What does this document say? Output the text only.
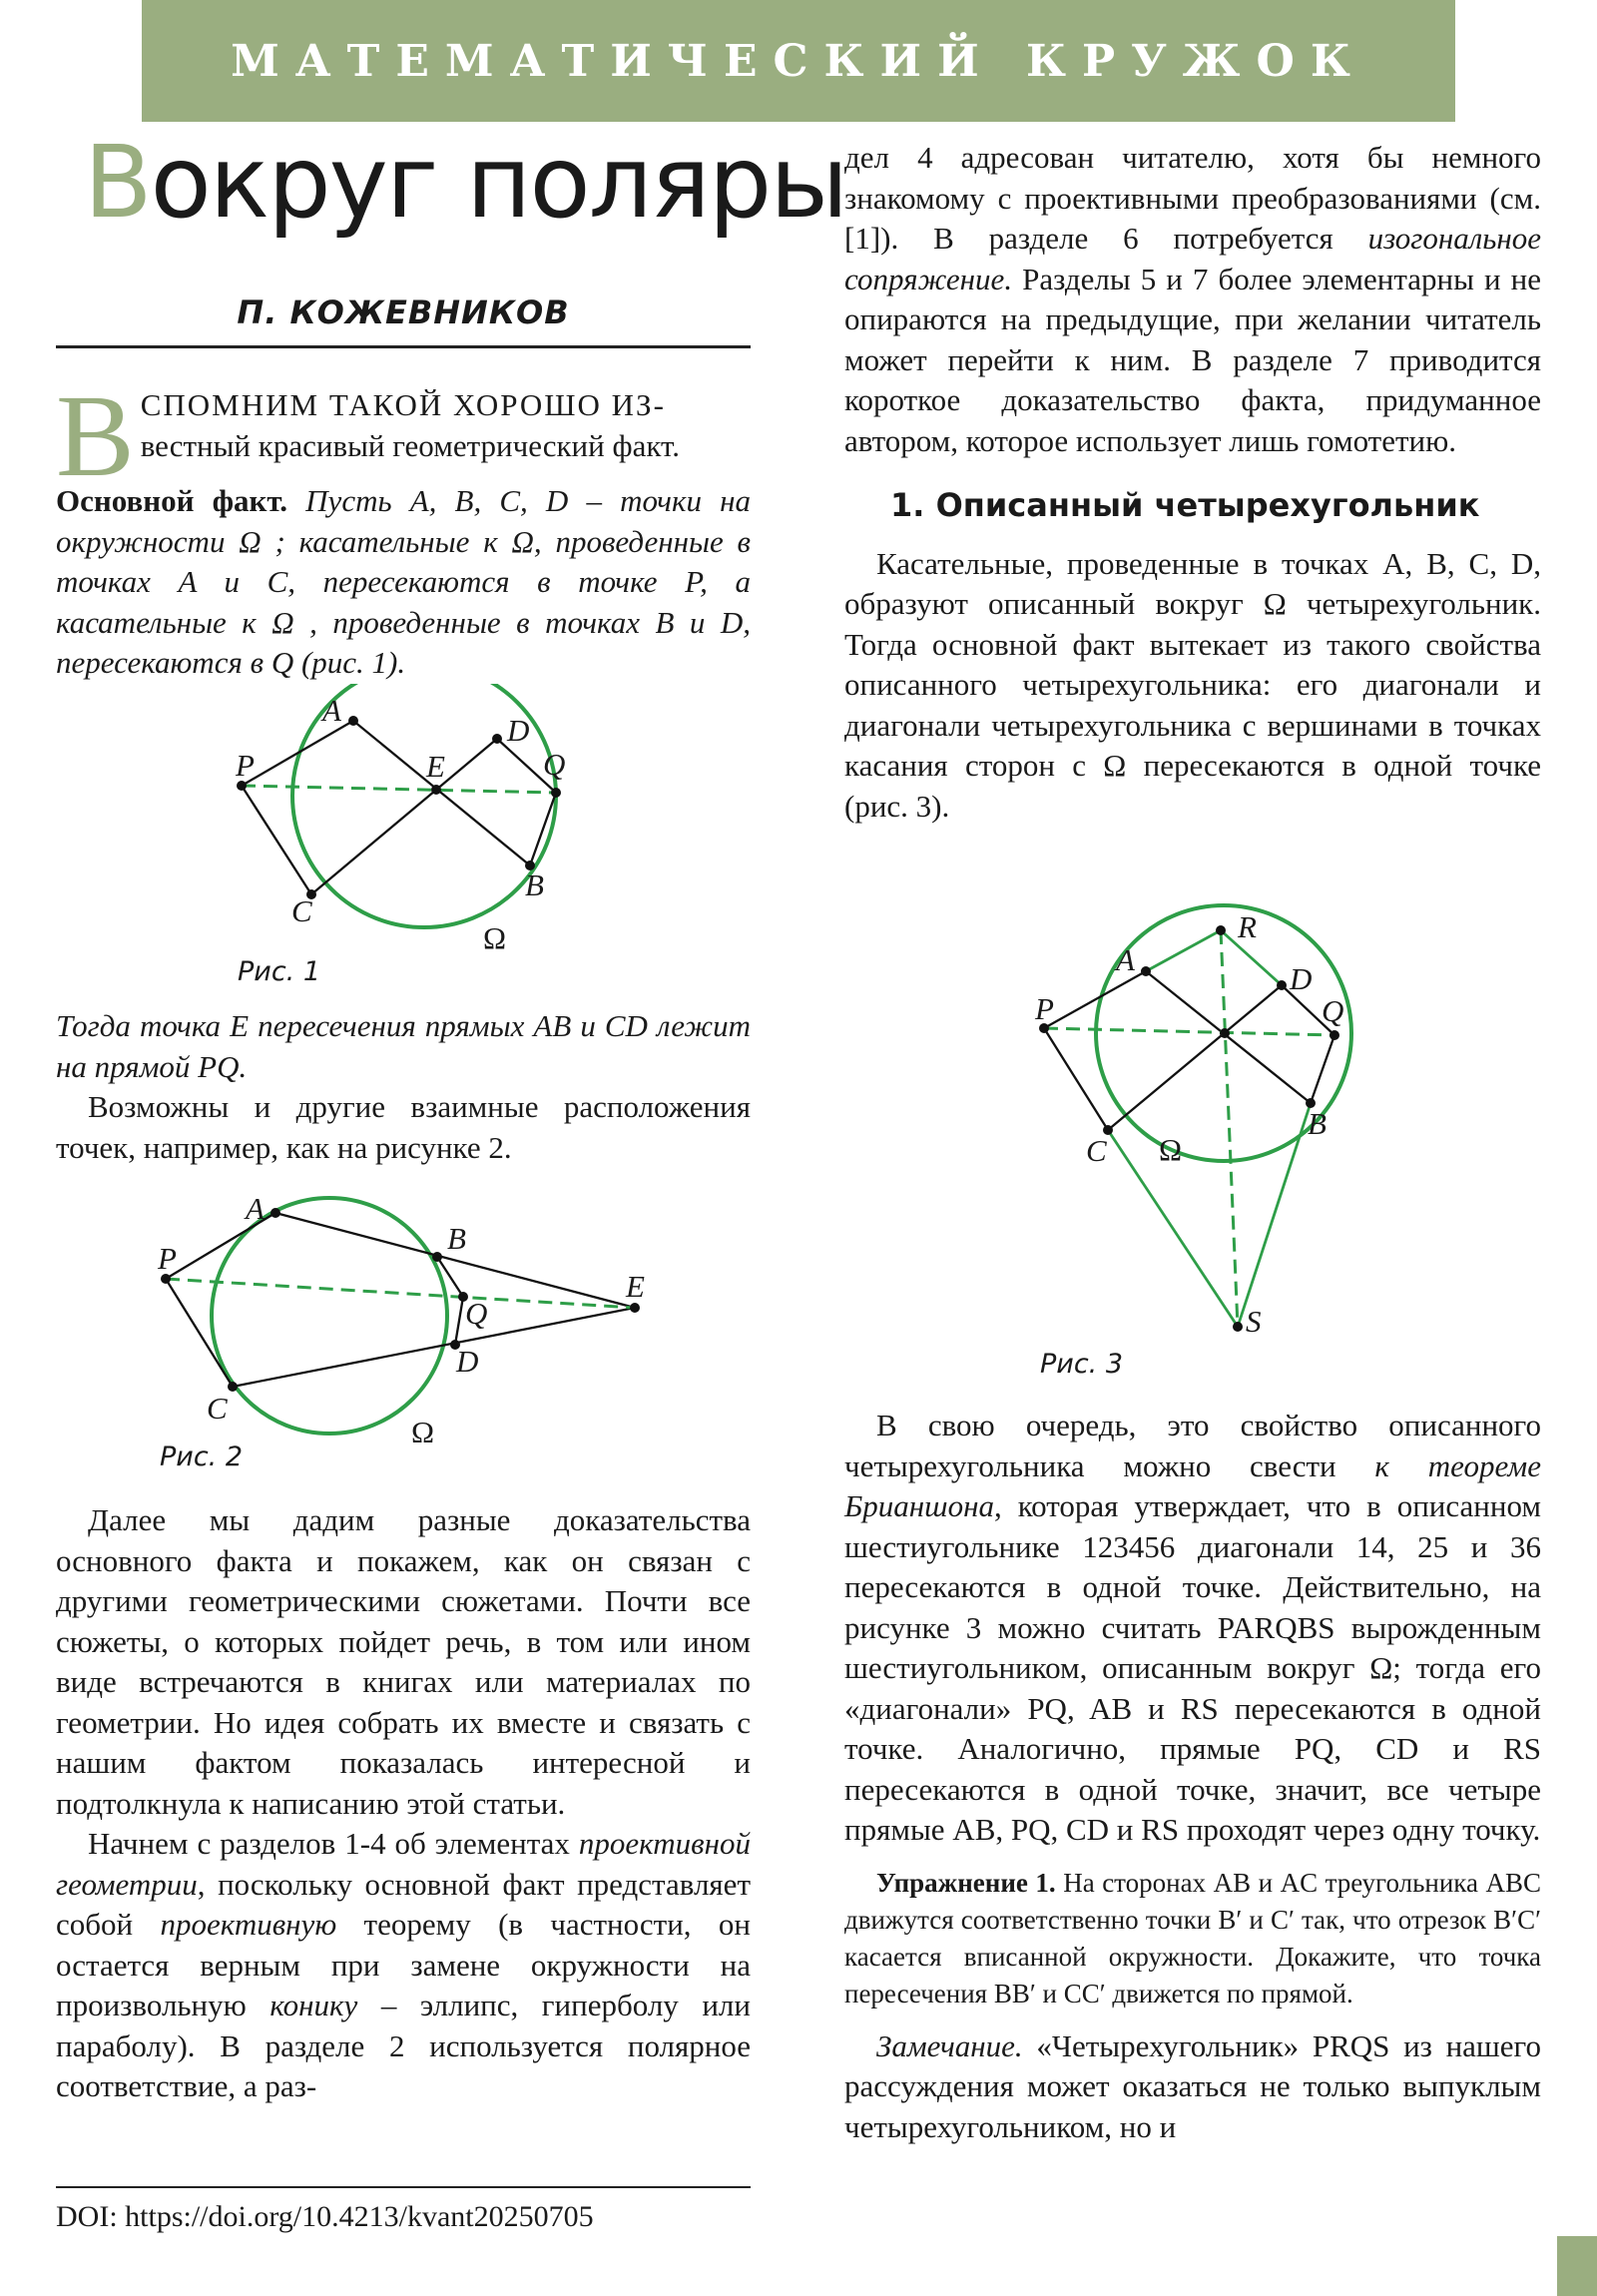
МАТЕМАТИЧЕСКИЙ КРУЖОК
Вокруг поляры
П. КОЖЕВНИКОВ

ВСПОМНИМ ТАКОЙ ХОРОШО ИЗ-
вестный красивый геометрический факт.

Основной факт. Пусть A, B, C, D – точки на окружности Ω ; касательные к Ω, проведенные в точках A и C, пересекаются в точке P, а касательные к Ω , проведенные в точках B и D, пересекаются в Q (рис. 1).

A
D
P	E	Q
C
B
Ω
Рис. 1

Тогда точка E пересечения прямых AB и CD лежит на прямой PQ.

Возможны и другие взаимные расположения точек, например, как на рисунке 2.

A
B
P
E
Q
D
C
Ω
Рис. 2

Далее мы дадим разные доказательства основного факта и покажем, как он связан с другими геометрическими сюжетами. Почти все сюжеты, о которых пойдет речь, в том или ином виде встречаются в книгах или материалах по геометрии. Но идея собрать их вместе и связать с нашим фактом показалась интересной и подтолкнула к написанию этой статьи.

Начнем с разделов 1-4 об элементах проективной геометрии, поскольку основной факт представляет собой проективную теорему (в частности, он остается верным при замене окружности на произвольную конику – эллипс, гиперболу или параболу). В разделе 2 используется полярное соответствие, а раз-

DOI: https://doi.org/10.4213/kvant20250705

дел 4 адресован читателю, хотя бы немного знакомому с проективными преобразованиями (см. [1]). В разделе 6 потребуется изогональное сопряжение. Разделы 5 и 7 более элементарны и не опираются на предыдущие, при желании читатель может перейти к ним. В разделе 7 приводится короткое доказательство факта, придуманное автором, которое использует лишь гомотетию.

1. Описанный четырехугольник

Касательные, проведенные в точках A, B, C, D, образуют описанный вокруг Ω четырехугольник. Тогда основной факт вытекает из такого свойства описанного четырехугольника: его диагонали и диагонали четырехугольника с вершинами в точках касания сторон с Ω пересекаются в одной точке (рис. 3).

R
A
D
P	Q
C
B
S
Ω
Рис. 3

В свою очередь, это свойство описанного четырехугольника можно свести к теореме Брианшона, которая утверждает, что в описанном шестиугольнике 123456 диагонали 14, 25 и 36 пересекаются в одной точке. Действительно, на рисунке 3 можно считать PARQBS вырожденным шестиугольником, описанным вокруг Ω; тогда его «диагонали» PQ, AB и RS пересекаются в одной точке. Аналогично, прямые PQ, CD и RS пересекаются в одной точке, значит, все четыре прямые AB, PQ, CD и RS проходят через одну точку.

Упражнение 1. На сторонах AB и AC треугольника ABC движутся соответственно точки B′ и C′ так, что отрезок B′C′ касается вписанной окружности. Докажите, что точка пересечения BB′ и CC′ движется по прямой.

Замечание. «Четырехугольник» PRQS из нашего рассуждения может оказаться не только выпуклым четырехугольником, но и
